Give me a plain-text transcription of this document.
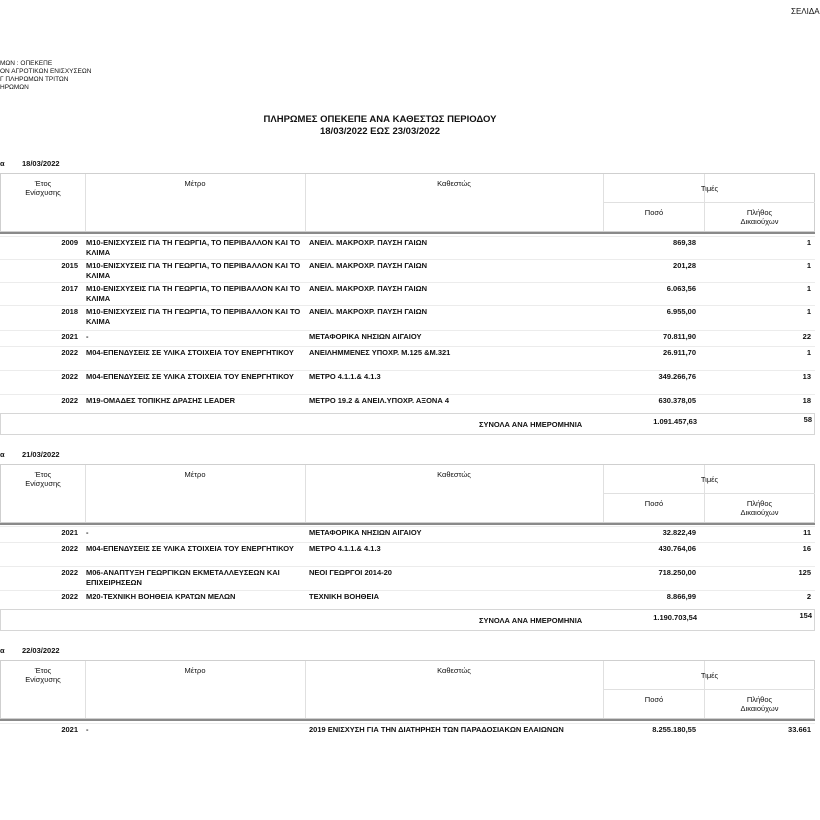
ΣΕΛΙΔΑ
ΜΩΝ : ΟΠΕΚΕΠΕ
ΟΝ ΑΓΡΟΤΙΚΩΝ ΕΝΙΣΧΥΣΕΩΝ
Γ ΠΛΗΡΩΜΩΝ ΤΡΙΤΩΝ
ΗΡΩΜΩΝ
ΠΛΗΡΩΜΕΣ ΟΠΕΚΕΠΕ ΑΝΑ ΚΑΘΕΣΤΩΣ ΠΕΡΙΟΔΟΥ
18/03/2022 ΕΩΣ 23/03/2022
α 18/03/2022
Έτος
Ενίσχυσης
Μέτρο	Καθεστώς
Τιμές
Ποσό	Πλήθος
Δικαιούχων
2009 Μ10-ΕΝΙΣΧΥΣΕΙΣ ΓΙΑ ΤΗ ΓΕΩΡΓΙΑ, ΤΟ ΠΕΡΙΒΑΛΛΟΝ ΚΑΙ ΤΟ ΚΛΙΜΑ
ΑΝΕΙΛ. ΜΑΚΡΟΧΡ. ΠΑΥΣΗ ΓΑΙΩΝ	869,38	1
2015 Μ10-ΕΝΙΣΧΥΣΕΙΣ ΓΙΑ ΤΗ ΓΕΩΡΓΙΑ, ΤΟ ΠΕΡΙΒΑΛΛΟΝ ΚΑΙ ΤΟ ΚΛΙΜΑ
ΑΝΕΙΛ. ΜΑΚΡΟΧΡ. ΠΑΥΣΗ ΓΑΙΩΝ	201,28	1
2017 Μ10-ΕΝΙΣΧΥΣΕΙΣ ΓΙΑ ΤΗ ΓΕΩΡΓΙΑ, ΤΟ ΠΕΡΙΒΑΛΛΟΝ ΚΑΙ ΤΟ ΚΛΙΜΑ
ΑΝΕΙΛ. ΜΑΚΡΟΧΡ. ΠΑΥΣΗ ΓΑΙΩΝ	6.063,56	1
2018 Μ10-ΕΝΙΣΧΥΣΕΙΣ ΓΙΑ ΤΗ ΓΕΩΡΓΙΑ, ΤΟ ΠΕΡΙΒΑΛΛΟΝ ΚΑΙ ΤΟ ΚΛΙΜΑ
ΑΝΕΙΛ. ΜΑΚΡΟΧΡ. ΠΑΥΣΗ ΓΑΙΩΝ	6.955,00	1
2021 -	ΜΕΤΑΦΟΡΙΚΑ ΝΗΣΙΩΝ ΑΙΓΑΙΟΥ	70.811,90	22
2022 Μ04-ΕΠΕΝΔΥΣΕΙΣ ΣΕ ΥΛΙΚΑ ΣΤΟΙΧΕΙΑ ΤΟΥ ΕΝΕΡΓΗΤΙΚΟΥ	ΑΝΕΙΛΗΜΜΕΝΕΣ ΥΠΟΧΡ. Μ.125 &Μ.321	26.911,70	1
2022 Μ04-ΕΠΕΝΔΥΣΕΙΣ ΣΕ ΥΛΙΚΑ ΣΤΟΙΧΕΙΑ ΤΟΥ ΕΝΕΡΓΗΤΙΚΟΥ	ΜΕΤΡΟ 4.1.1.& 4.1.3	349.266,76	13
2022 Μ19-ΟΜΑΔΕΣ ΤΟΠΙΚΗΣ ΔΡΑΣΗΣ LEADER	ΜΕΤΡΟ 19.2 & ΑΝΕΙΛ.ΥΠΟΧΡ. ΑΞΟΝΑ 4	630.378,05	18
ΣΥΝΟΛΑ ΑΝΑ ΗΜΕΡΟΜΗΝΙΑ	1.091.457,63	58
α 21/03/2022
Έτος
Ενίσχυσης
Μέτρο	Καθεστώς
Τιμές
Ποσό	Πλήθος
Δικαιούχων
2021 -	ΜΕΤΑΦΟΡΙΚΑ ΝΗΣΙΩΝ ΑΙΓΑΙΟΥ	32.822,49	11
2022 Μ04-ΕΠΕΝΔΥΣΕΙΣ ΣΕ ΥΛΙΚΑ ΣΤΟΙΧΕΙΑ ΤΟΥ ΕΝΕΡΓΗΤΙΚΟΥ	ΜΕΤΡΟ 4.1.1.& 4.1.3	430.764,06	16
2022 Μ06-ΑΝΑΠΤΥΞΗ ΓΕΩΡΓΙΚΩΝ ΕΚΜΕΤΑΛΛΕΥΣΕΩΝ ΚΑΙ ΕΠΙΧΕΙΡΗΣΕΩΝ
ΝΕΟΙ ΓΕΩΡΓΟΙ 2014-20	718.250,00	125
2022 Μ20-ΤΕΧΝΙΚΗ ΒΟΗΘΕΙΑ ΚΡΑΤΩΝ ΜΕΛΩΝ	ΤΕΧΝΙΚΗ ΒΟΗΘΕΙΑ	8.866,99	2
ΣΥΝΟΛΑ ΑΝΑ ΗΜΕΡΟΜΗΝΙΑ	1.190.703,54	154
α 22/03/2022
Έτος
Ενίσχυσης
Μέτρο	Καθεστώς
Τιμές
Ποσό	Πλήθος
Δικαιούχων
2021 -	2019 ΕΝΙΣΧΥΣΗ ΓΙΑ ΤΗΝ ΔΙΑΤΗΡΗΣΗ ΤΩΝ ΠΑΡΑΔΟΣΙΑΚΩΝ ΕΛΑΙΩΝΩΝ	8.255.180,55	33.661
